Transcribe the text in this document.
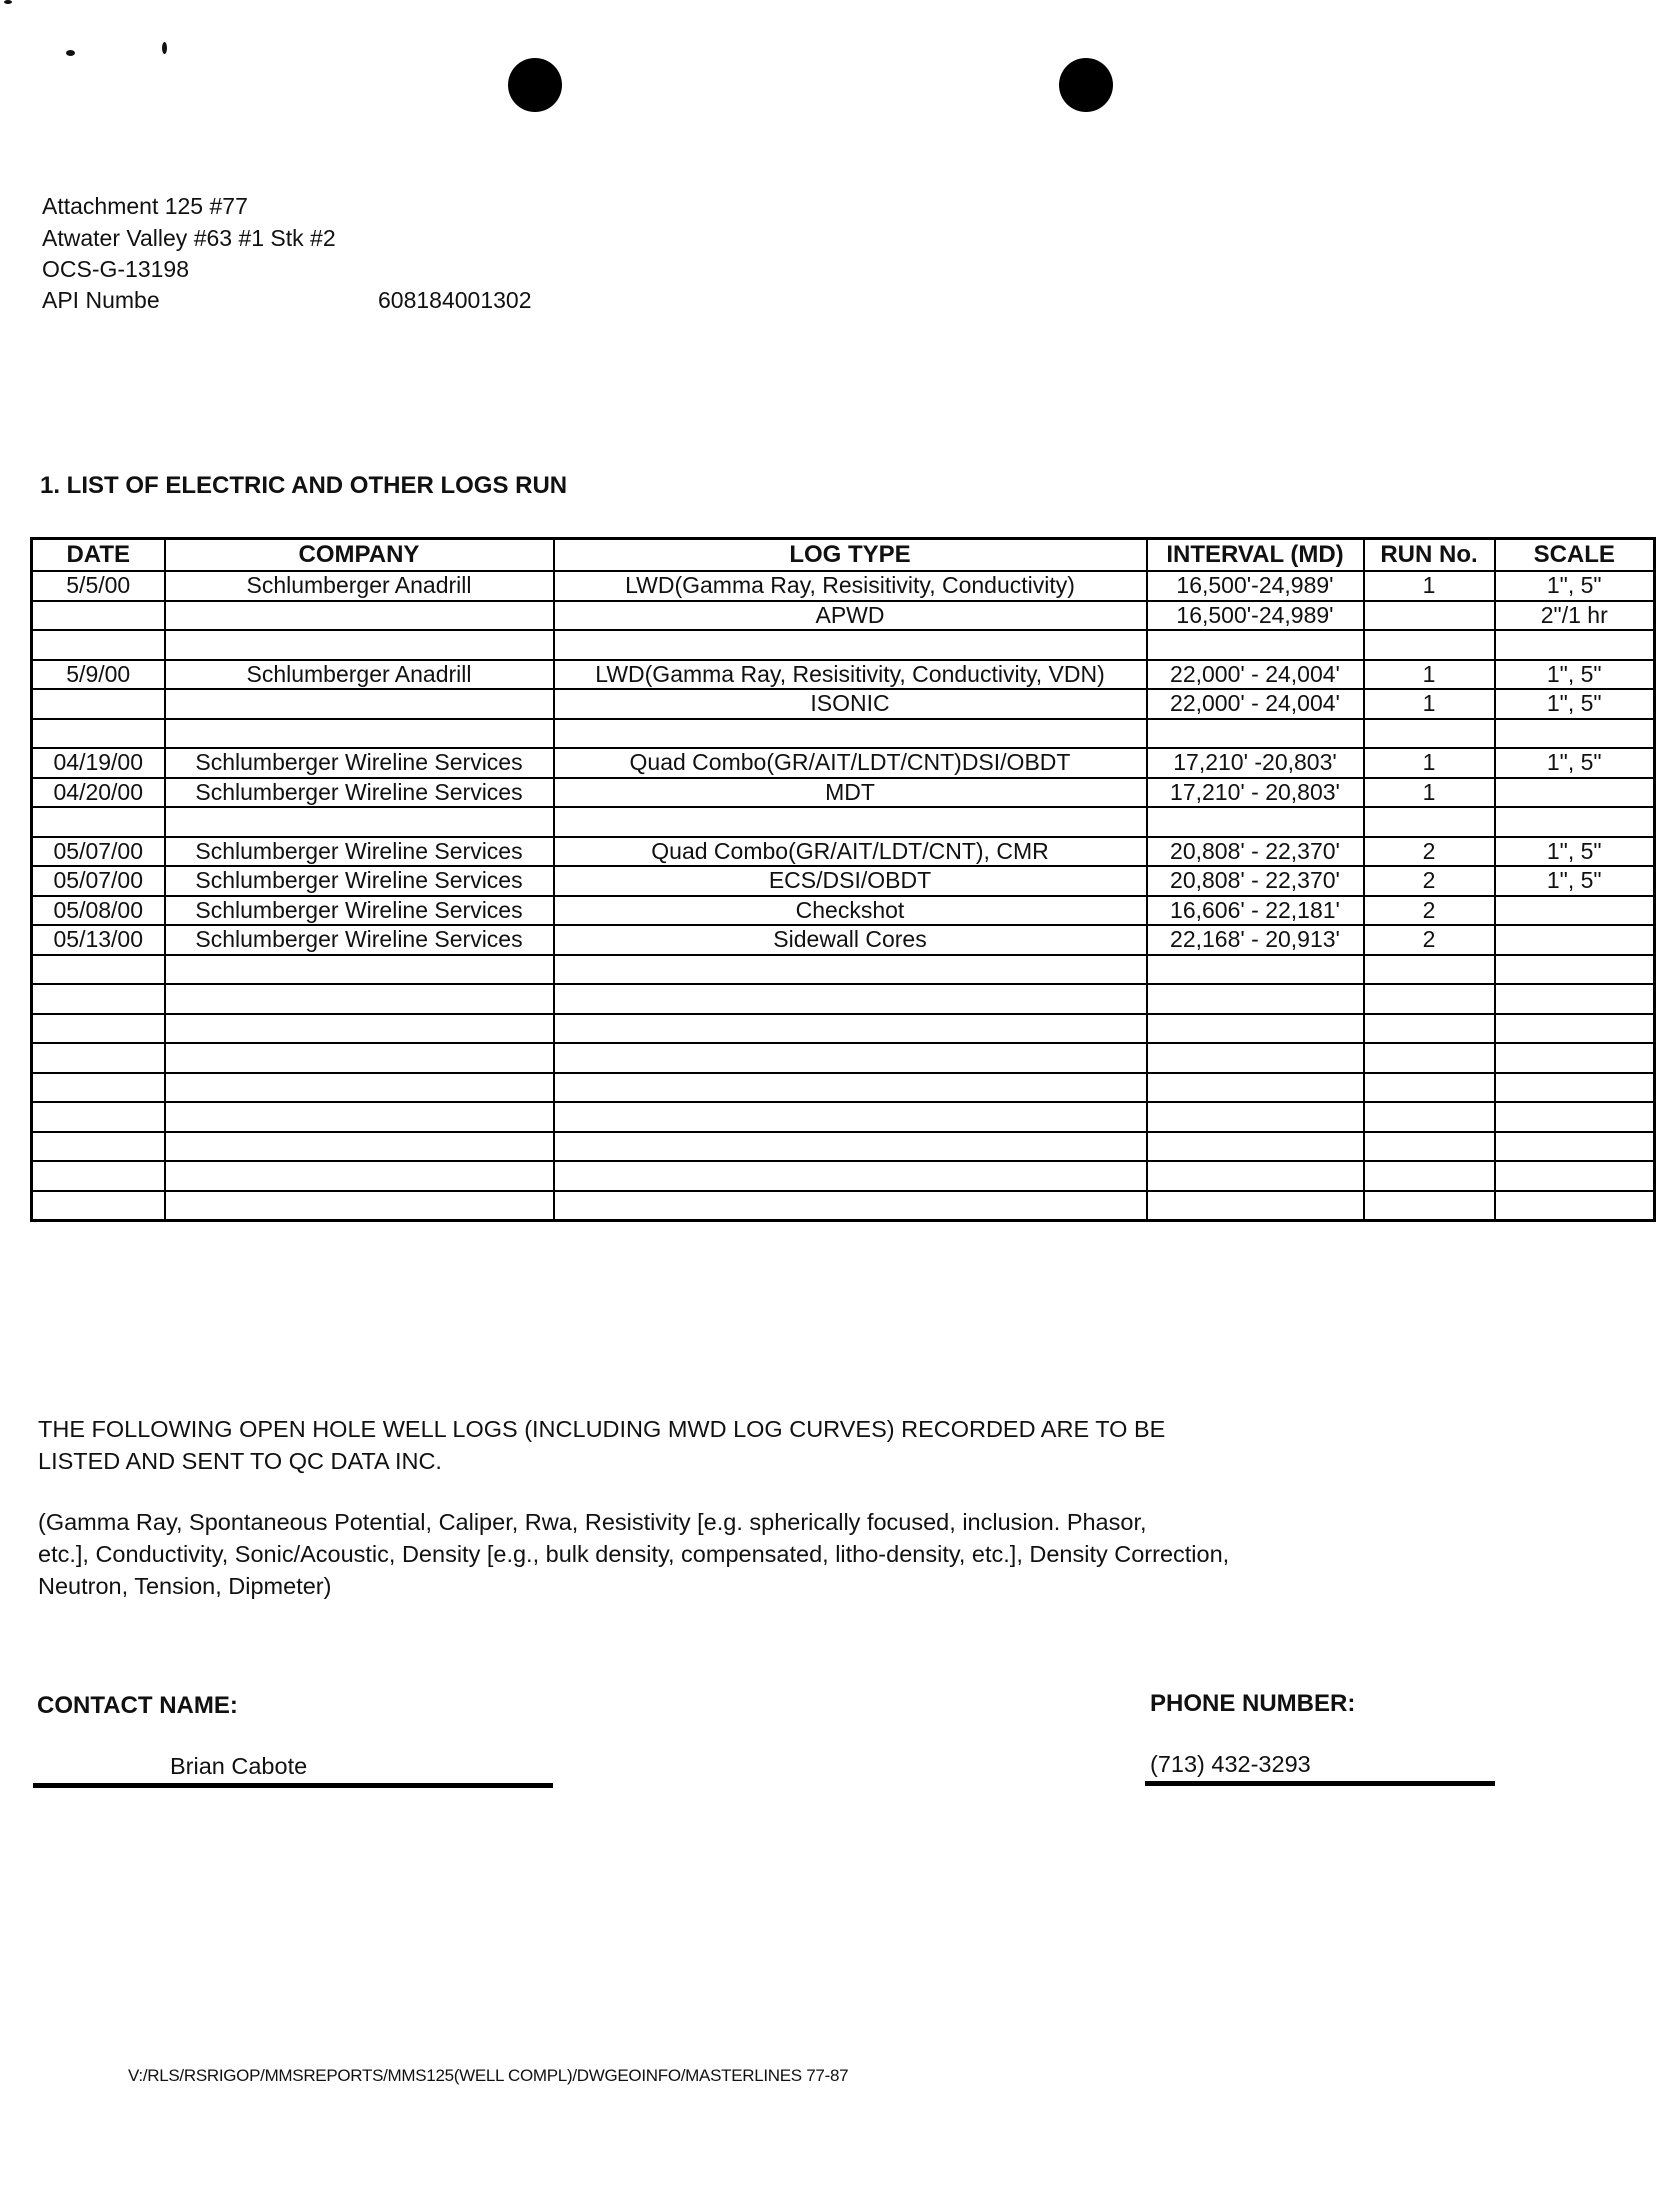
Attachment 125 #77
Atwater Valley #63 #1 Stk #2
OCS-G-13198
API Numbe	608184001302
1. LIST OF ELECTRIC AND OTHER LOGS RUN
DATE	COMPANY	LOG TYPE	INTERVAL (MD)	RUN No.	SCALE
5/5/00	Schlumberger Anadrill	LWD(Gamma Ray, Resisitivity, Conductivity)	16,500'-24,989'	1	1", 5"
		APWD	16,500'-24,989'		2"/1 hr

5/9/00	Schlumberger Anadrill	LWD(Gamma Ray, Resisitivity, Conductivity, VDN)	22,000' - 24,004'	1	1", 5"
		ISONIC	22,000' - 24,004'	1	1", 5"

04/19/00	Schlumberger Wireline Services	Quad Combo(GR/AIT/LDT/CNT)DSI/OBDT	17,210' -20,803'	1	1", 5"
04/20/00	Schlumberger Wireline Services	MDT	17,210' - 20,803'	1	

05/07/00	Schlumberger Wireline Services	Quad Combo(GR/AIT/LDT/CNT), CMR	20,808' - 22,370'	2	1", 5"
05/07/00	Schlumberger Wireline Services	ECS/DSI/OBDT	20,808' - 22,370'	2	1", 5"
05/08/00	Schlumberger Wireline Services	Checkshot	16,606' - 22,181'	2	
05/13/00	Schlumberger Wireline Services	Sidewall Cores	22,168' - 20,913'	2	

THE FOLLOWING OPEN HOLE WELL LOGS (INCLUDING MWD LOG CURVES) RECORDED ARE TO BE
LISTED AND SENT TO QC DATA INC.
(Gamma Ray, Spontaneous Potential, Caliper, Rwa, Resistivity [e.g. spherically focused, inclusion. Phasor,
etc.], Conductivity, Sonic/Acoustic, Density [e.g., bulk density, compensated, litho-density, etc.], Density Correction,
Neutron, Tension, Dipmeter)
CONTACT NAME:
Brian Cabote
PHONE NUMBER:
(713) 432-3293
V:/RLS/RSRIGOP/MMSREPORTS/MMS125(WELL COMPL)/DWGEOINFO/MASTERLINES 77-87
